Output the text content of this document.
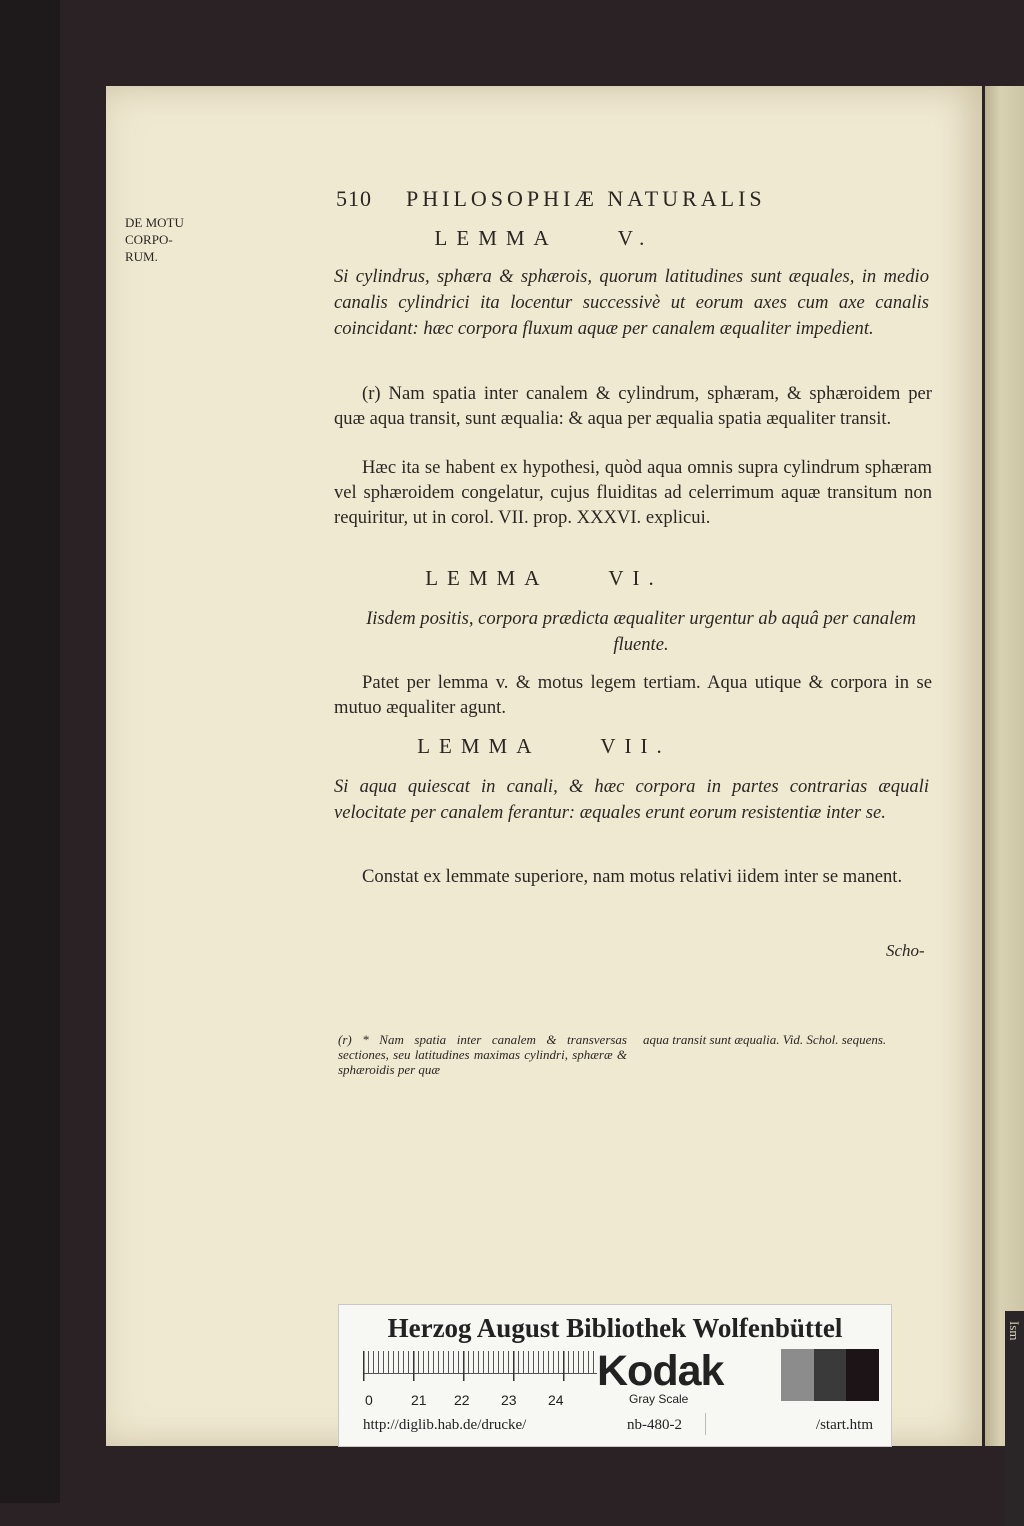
Ism
510 PHILOSOPHIÆ NATURALIS
DE MOTU
CORPO-
RUM.
LEMMA	V.
Si cylindrus, sphæra & sphærois, quorum latitudines sunt æquales, in medio canalis cylindrici ita locentur successivè ut eorum axes cum axe canalis coincidant: hæc corpora fluxum aquæ per canalem æqualiter impedient.
(r) Nam spatia inter canalem & cylindrum, sphæram, & sphæroidem per quæ aqua transit, sunt æqualia: & aqua per æqualia spatia æqualiter transit.
Hæc ita se habent ex hypothesi, quòd aqua omnis supra cylindrum sphæram vel sphæroidem congelatur, cujus fluiditas ad celerrimum aquæ transitum non requiritur, ut in corol. VII. prop. XXXVI. explicui.
LEMMA	VI.
Iisdem positis, corpora prædicta æqualiter urgentur ab aquâ per canalem fluente.
Patet per lemma v. & motus legem tertiam. Aqua utique & corpora in se mutuo æqualiter agunt.
LEMMA	VII.
Si aqua quiescat in canali, & hæc corpora in partes contrarias æquali velocitate per canalem ferantur: æquales erunt eorum resistentiæ inter se.
Constat ex lemmate superiore, nam motus relativi iidem inter se manent.
Scho-
(r) * Nam spatia inter canalem & transversas sectiones, seu latitudines maximas cylindri, sphæræ & sphæroidis per quæ
aqua transit sunt æqualia. Vid. Schol. sequens.
Herzog August Bibliothek Wolfenbüttel
0	21 22 23 24
Kodak
Gray Scale
http://diglib.hab.de/drucke/	nb-480-2	/start.htm
